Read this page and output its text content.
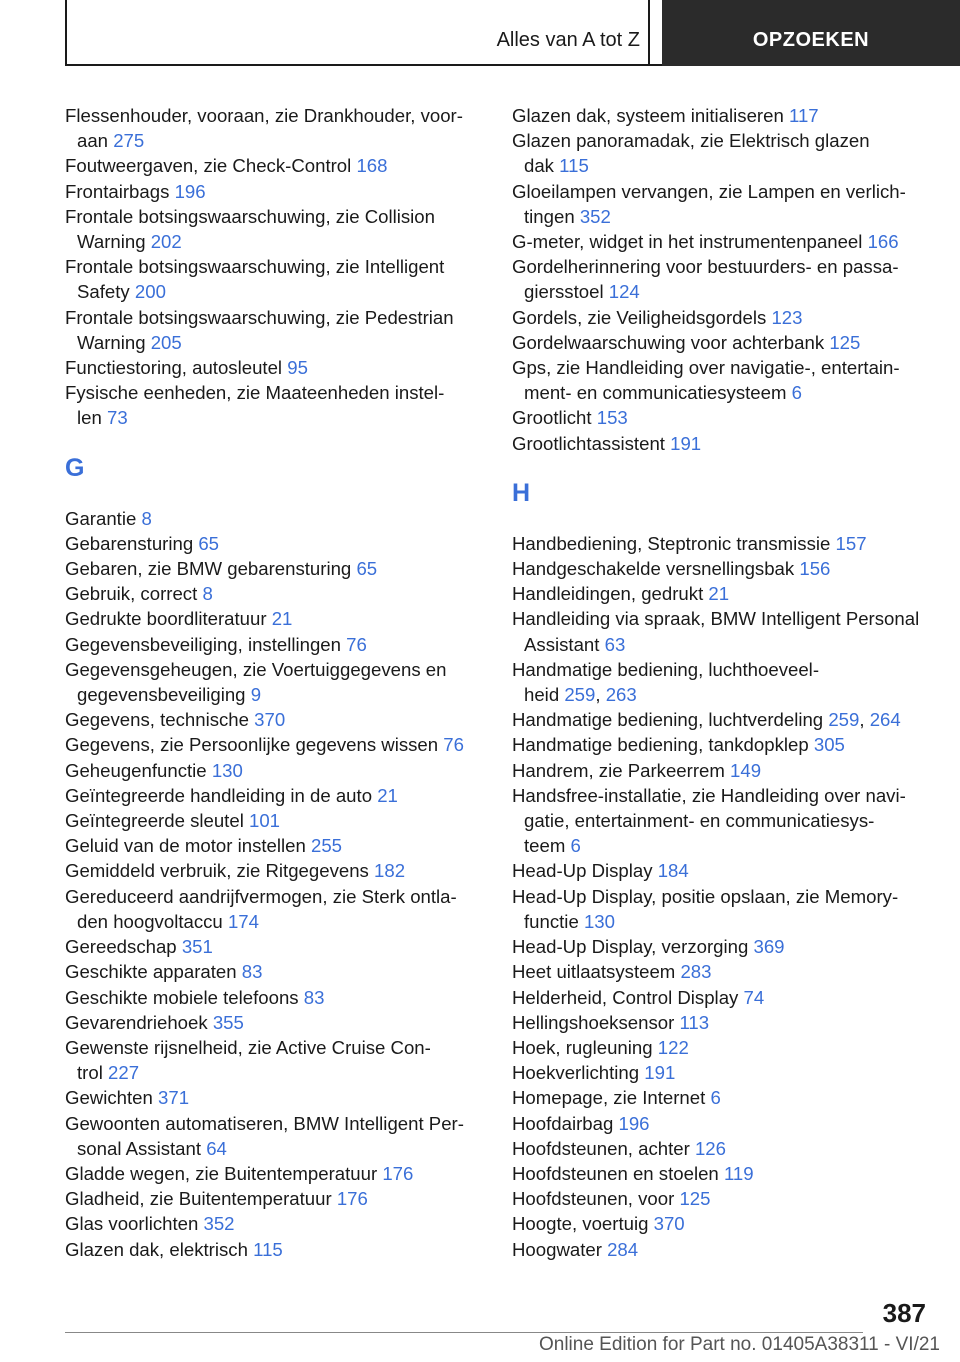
Alles van A tot Z	OPZOEKEN
Flessenhouder, vooraan, zie Drankhouder, voor-
aan 275
Foutweergaven, zie Check-Control 168
Frontairbags 196
Frontale botsingswaarschuwing, zie Collision
Warning 202
Frontale botsingswaarschuwing, zie Intelligent
Safety 200
Frontale botsingswaarschuwing, zie Pedestrian
Warning 205
Functiestoring, autosleutel 95
Fysische eenheden, zie Maateenheden instel-
len 73
G
Garantie 8
Gebarensturing 65
Gebaren, zie BMW gebarensturing 65
Gebruik, correct 8
Gedrukte boordliteratuur 21
Gegevensbeveiliging, instellingen 76
Gegevensgeheugen, zie Voertuiggegevens en
gegevensbeveiliging 9
Gegevens, technische 370
Gegevens, zie Persoonlijke gegevens wissen 76
Geheugenfunctie 130
Geïntegreerde handleiding in de auto 21
Geïntegreerde sleutel 101
Geluid van de motor instellen 255
Gemiddeld verbruik, zie Ritgegevens 182
Gereduceerd aandrijfvermogen, zie Sterk ontla-
den hoogvoltaccu 174
Gereedschap 351
Geschikte apparaten 83
Geschikte mobiele telefoons 83
Gevarendriehoek 355
Gewenste rijsnelheid, zie Active Cruise Con-
trol 227
Gewichten 371
Gewoonten automatiseren, BMW Intelligent Per-
sonal Assistant 64
Gladde wegen, zie Buitentemperatuur 176
Gladheid, zie Buitentemperatuur 176
Glas voorlichten 352
Glazen dak, elektrisch 115
Glazen dak, systeem initialiseren 117
Glazen panoramadak, zie Elektrisch glazen
dak 115
Gloeilampen vervangen, zie Lampen en verlich-
tingen 352
G-meter, widget in het instrumentenpaneel 166
Gordelherinnering voor bestuurders- en passa-
giersstoel 124
Gordels, zie Veiligheidsgordels 123
Gordelwaarschuwing voor achterbank 125
Gps, zie Handleiding over navigatie-, entertain-
ment- en communicatiesysteem 6
Grootlicht 153
Grootlichtassistent 191
H
Handbediening, Steptronic transmissie 157
Handgeschakelde versnellingsbak 156
Handleidingen, gedrukt 21
Handleiding via spraak, BMW Intelligent Personal
Assistant 63
Handmatige bediening, luchthoeveel-
heid 259, 263
Handmatige bediening, luchtverdeling 259, 264
Handmatige bediening, tankdopklep 305
Handrem, zie Parkeerrem 149
Handsfree-installatie, zie Handleiding over navi-
gatie, entertainment- en communicatiesys-
teem 6
Head-Up Display 184
Head-Up Display, positie opslaan, zie Memory-
functie 130
Head-Up Display, verzorging 369
Heet uitlaatsysteem 283
Helderheid, Control Display 74
Hellingshoeksensor 113
Hoek, rugleuning 122
Hoekverlichting 191
Homepage, zie Internet 6
Hoofdairbag 196
Hoofdsteunen, achter 126
Hoofdsteunen en stoelen 119
Hoofdsteunen, voor 125
Hoogte, voertuig 370
Hoogwater 284
387
Online Edition for Part no. 01405A38311 - VI/21
